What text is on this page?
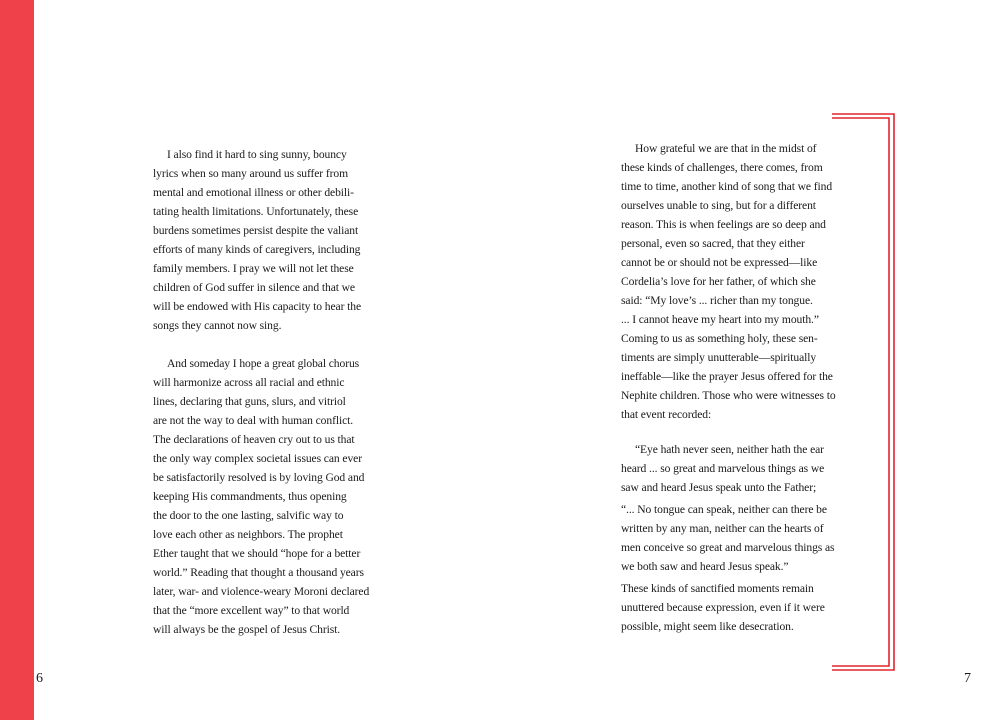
I also find it hard to sing sunny, bouncy
lyrics when so many around us suffer from
mental and emotional illness or other debili-
tating health limitations. Unfortunately, these
burdens sometimes persist despite the valiant
efforts of many kinds of caregivers, including
family members. I pray we will not let these
children of God suffer in silence and that we
will be endowed with His capacity to hear the
songs they cannot now sing.
And someday I hope a great global chorus
will harmonize across all racial and ethnic
lines, declaring that guns, slurs, and vitriol
are not the way to deal with human conflict.
The declarations of heaven cry out to us that
the only way complex societal issues can ever
be satisfactorily resolved is by loving God and
keeping His commandments, thus opening
the door to the one lasting, salvific way to
love each other as neighbors. The prophet
Ether taught that we should “hope for a better
world.” Reading that thought a thousand years
later, war- and violence-weary Moroni declared
that the “more excellent way” to that world
will always be the gospel of Jesus Christ.
How grateful we are that in the midst of
these kinds of challenges, there comes, from
time to time, another kind of song that we find
ourselves unable to sing, but for a different
reason. This is when feelings are so deep and
personal, even so sacred, that they either
cannot be or should not be expressed—like
Cordelia’s love for her father, of which she
said: “My love’s ... richer than my tongue.
... I cannot heave my heart into my mouth.”
Coming to us as something holy, these sen-
timents are simply unutterable—spiritually
ineffable—like the prayer Jesus offered for the
Nephite children. Those who were witnesses to
that event recorded:
“Eye hath never seen, neither hath the ear
heard ... so great and marvelous things as we
saw and heard Jesus speak unto the Father;
“... No tongue can speak, neither can there be
written by any man, neither can the hearts of
men conceive so great and marvelous things as
we both saw and heard Jesus speak.”
These kinds of sanctified moments remain
unuttered because expression, even if it were
possible, might seem like desecration.
6	7
